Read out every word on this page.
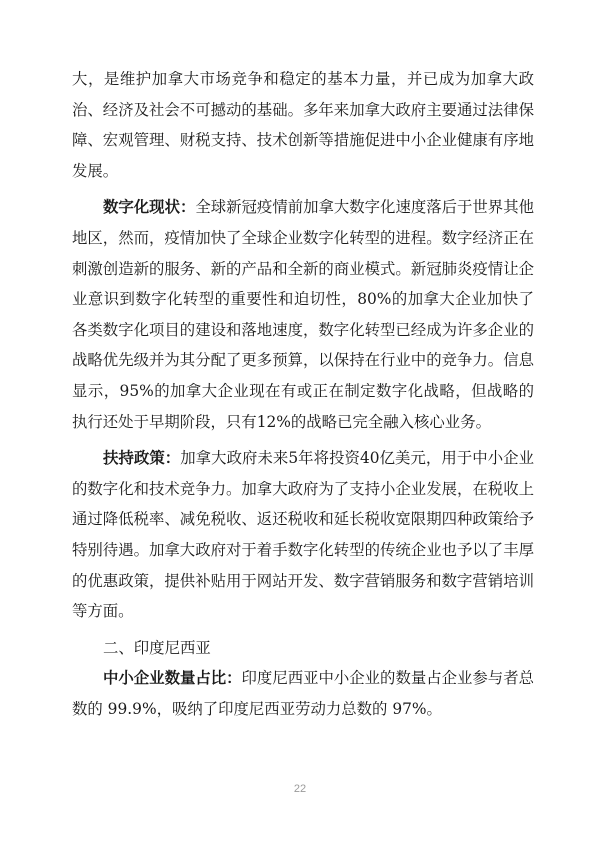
大，是维护加拿大市场竞争和稳定的基本力量，并已成为加拿大政治、经济及社会不可撼动的基础。多年来加拿大政府主要通过法律保障、宏观管理、财税支持、技术创新等措施促进中小企业健康有序地发展。

数字化现状：全球新冠疫情前加拿大数字化速度落后于世界其他地区，然而，疫情加快了全球企业数字化转型的进程。数字经济正在刺激创造新的服务、新的产品和全新的商业模式。新冠肺炎疫情让企业意识到数字化转型的重要性和迫切性，80%的加拿大企业加快了各类数字化项目的建设和落地速度，数字化转型已经成为许多企业的战略优先级并为其分配了更多预算，以保持在行业中的竞争力。信息显示，95%的加拿大企业现在有或正在制定数字化战略，但战略的执行还处于早期阶段，只有12%的战略已完全融入核心业务。

扶持政策：加拿大政府未来5年将投资40亿美元，用于中小企业的数字化和技术竞争力。加拿大政府为了支持小企业发展，在税收上通过降低税率、减免税收、返还税收和延长税收宽限期四种政策给予特别待遇。加拿大政府对于着手数字化转型的传统企业也予以了丰厚的优惠政策，提供补贴用于网站开发、数字营销服务和数字营销培训等方面。

二、印度尼西亚

中小企业数量占比：印度尼西亚中小企业的数量占企业参与者总数的 99.9%，吸纳了印度尼西亚劳动力总数的 97%。

22
